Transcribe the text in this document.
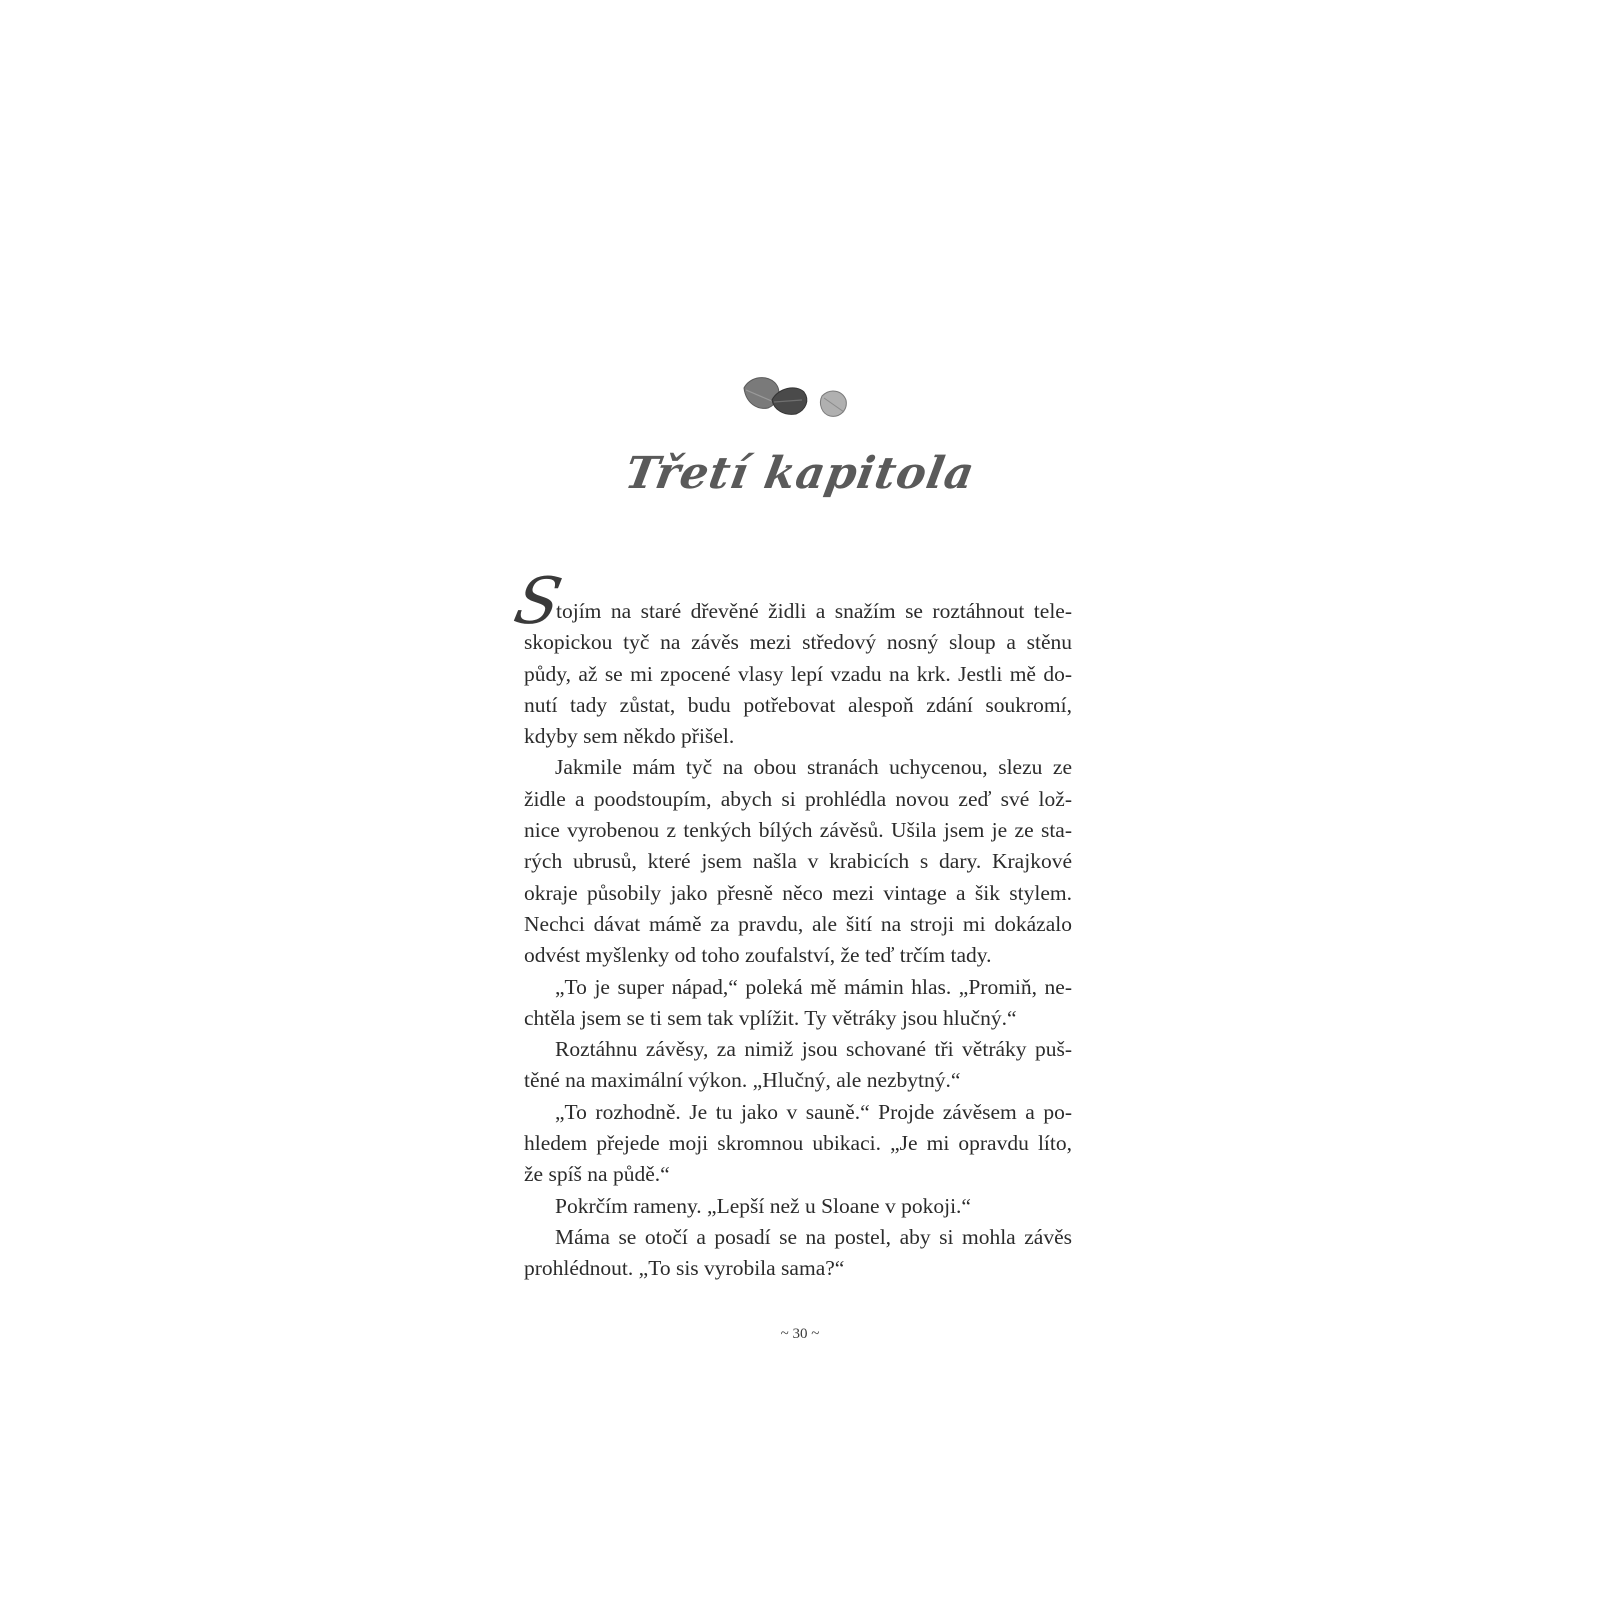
Třetí kapitola
S
tojím na staré dřevěné židli a snažím se roztáhnout tele-
skopickou tyč na závěs mezi středový nosný sloup a stěnu
půdy, až se mi zpocené vlasy lepí vzadu na krk. Jestli mě do-
nutí tady zůstat, budu potřebovat alespoň zdání soukromí,
kdyby sem někdo přišel.
Jakmile mám tyč na obou stranách uchycenou, slezu ze
židle a poodstoupím, abych si prohlédla novou zeď své lož-
nice vyrobenou z tenkých bílých závěsů. Ušila jsem je ze sta-
rých ubrusů, které jsem našla v krabicích s dary. Krajkové
okraje působily jako přesně něco mezi vintage a šik stylem.
Nechci dávat mámě za pravdu, ale šití na stroji mi dokázalo
odvést myšlenky od toho zoufalství, že teď trčím tady.
„To je super nápad,“ poleká mě mámin hlas. „Promiň, ne-
chtěla jsem se ti sem tak vplížit. Ty větráky jsou hlučný.“
Roztáhnu závěsy, za nimiž jsou schované tři větráky puš-
těné na maximální výkon. „Hlučný, ale nezbytný.“
„To rozhodně. Je tu jako v sauně.“ Projde závěsem a po-
hledem přejede moji skromnou ubikaci. „Je mi opravdu líto,
že spíš na půdě.“
Pokrčím rameny. „Lepší než u Sloane v pokoji.“
Máma se otočí a posadí se na postel, aby si mohla závěs
prohlédnout. „To sis vyrobila sama?“
~ 30 ~
